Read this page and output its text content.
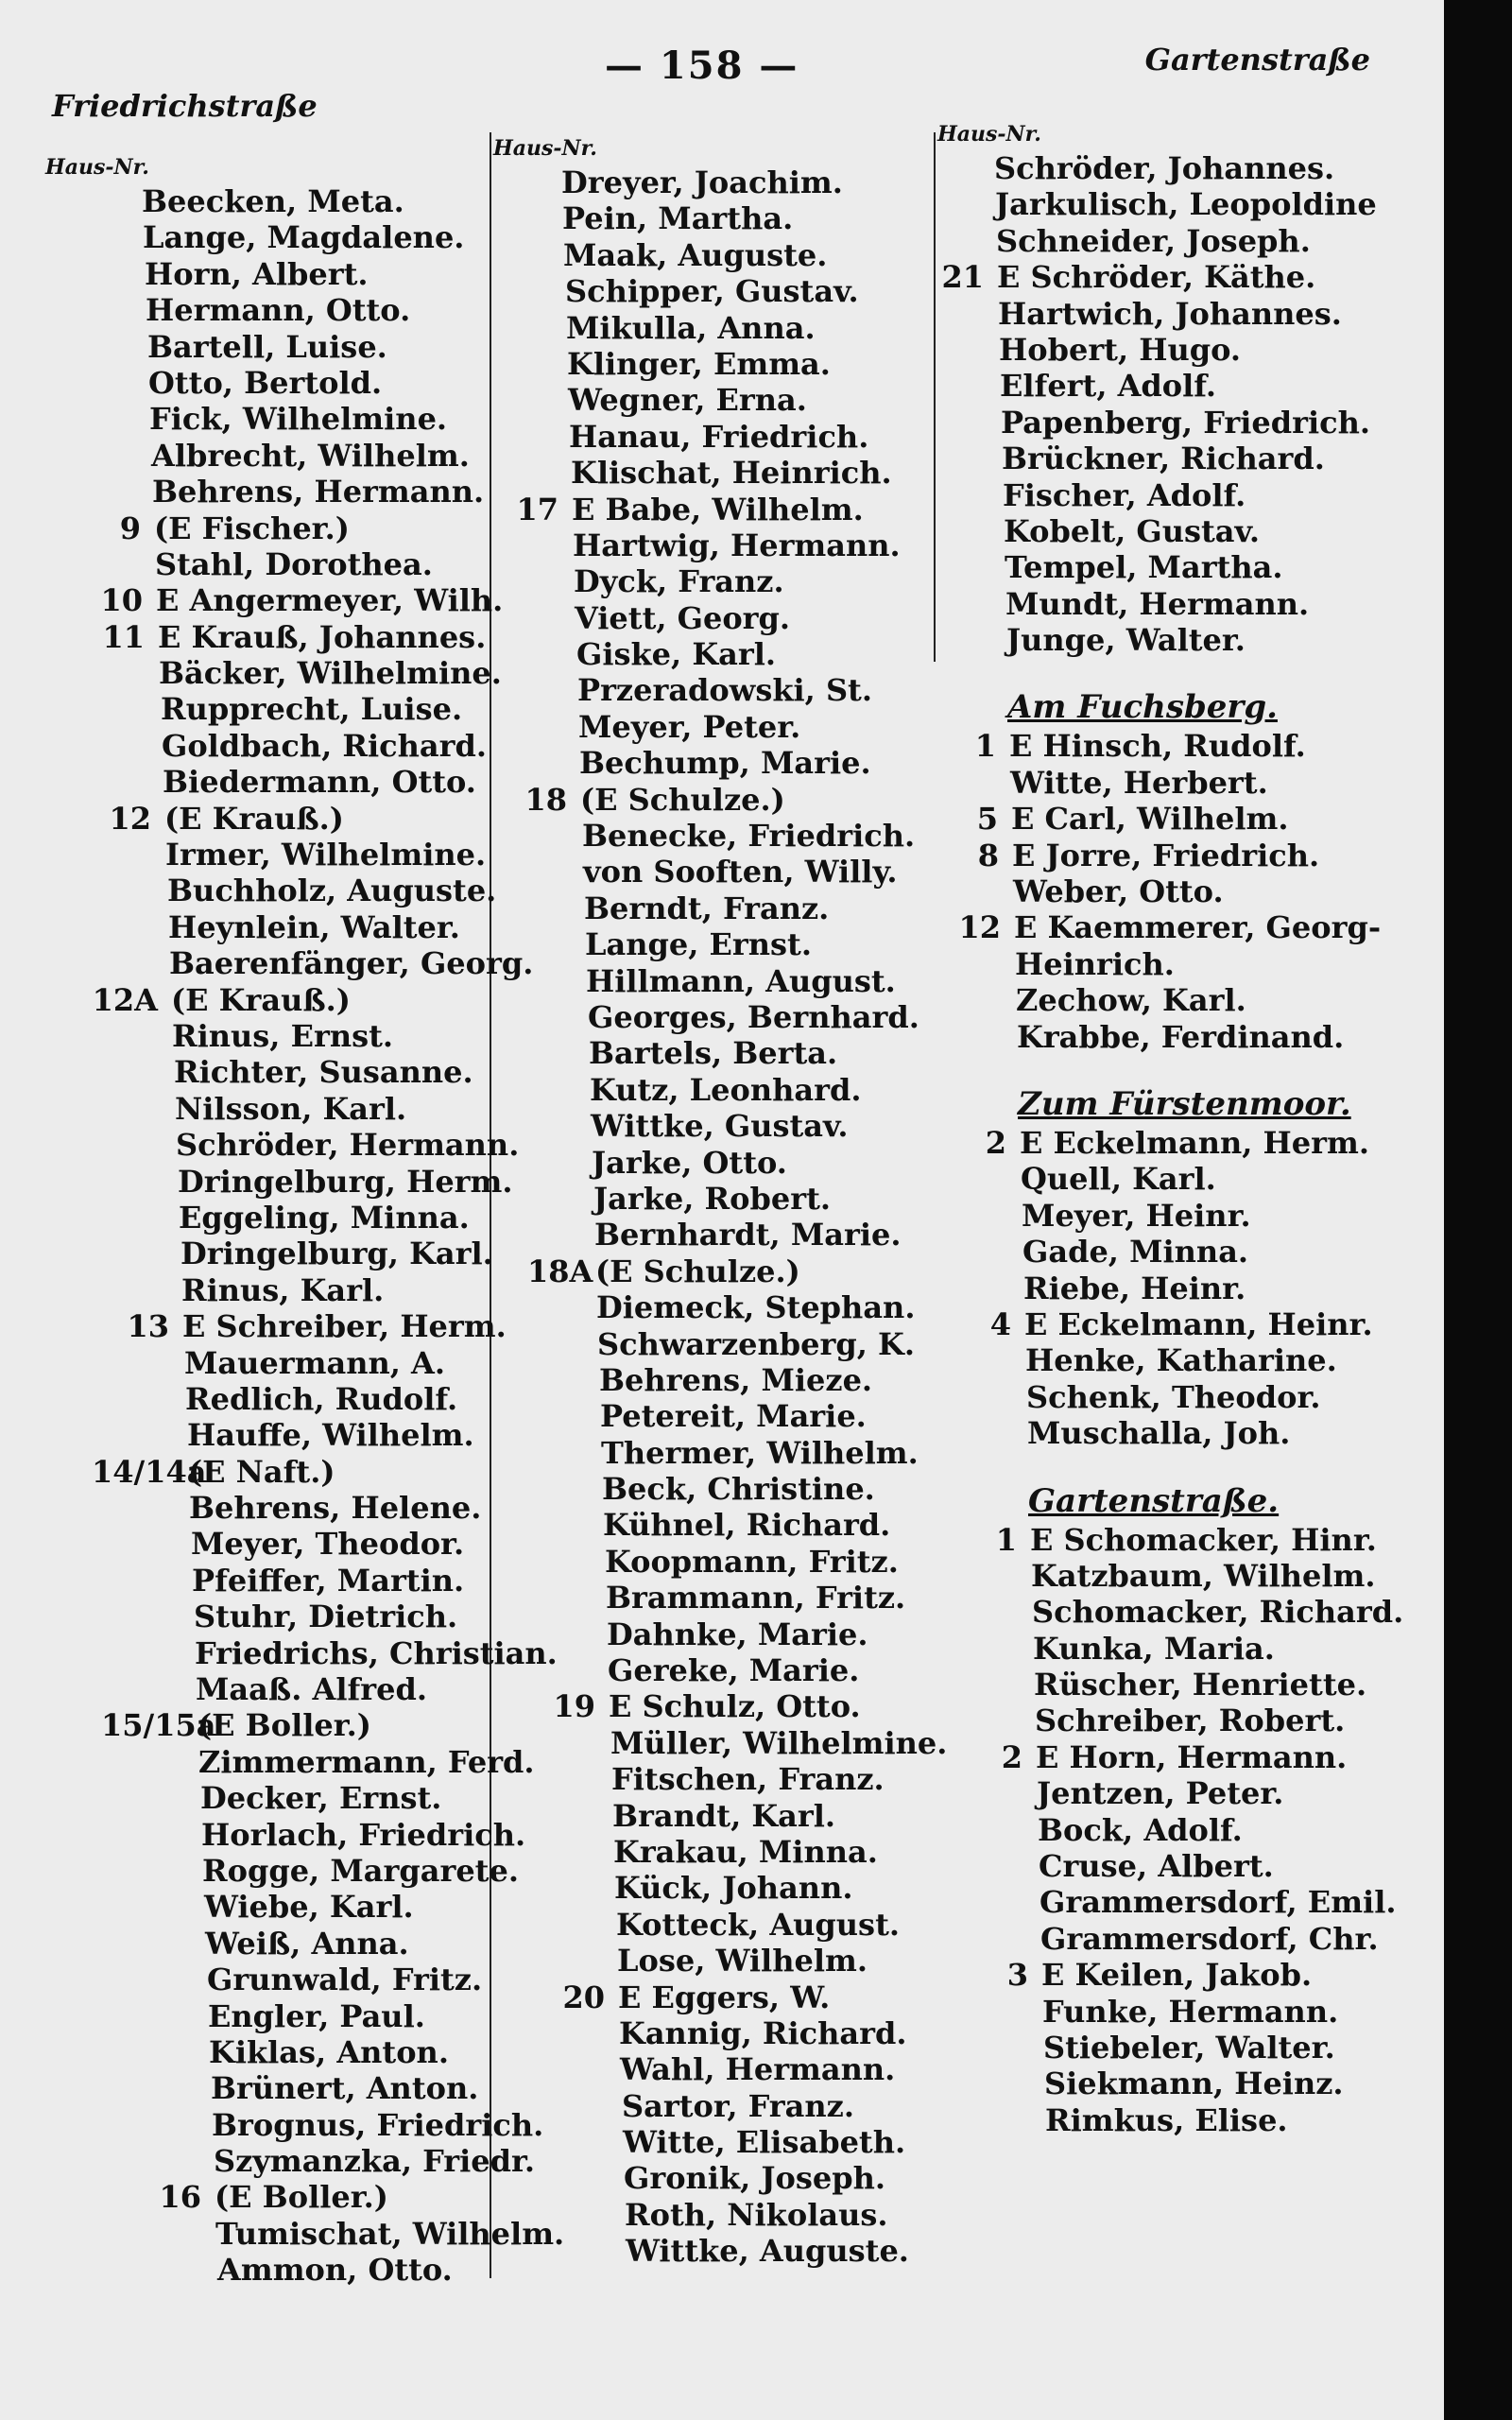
— 158 —	Gartenstraße
Friedrichstraße
Haus-Nr.
Beecken, Meta.
Lange, Magdalene.
Horn, Albert.
Hermann, Otto.
Bartell, Luise.
Otto, Bertold.
Fick, Wilhelmine.
Albrecht, Wilhelm.
Behrens, Hermann.
9 (E Fischer.)
Stahl, Dorothea.
10 E Angermeyer, Wilh.
11 E Krauß, Johannes.
Bäcker, Wilhelmine.
Rupprecht, Luise.
Goldbach, Richard.
Biedermann, Otto.
12 (E Krauß.)
Irmer, Wilhelmine.
Buchholz, Auguste.
Heynlein, Walter.
Baerenfänger, Georg.
12A (E Krauß.)
Rinus, Ernst.
Richter, Susanne.
Nilsson, Karl.
Schröder, Hermann.
Dringelburg, Herm.
Eggeling, Minna.
Dringelburg, Karl.
Rinus, Karl.
13 E Schreiber, Herm.
Mauermann, A.
Redlich, Rudolf.
Hauffe, Wilhelm.
14/14a
(E Naft.)
Behrens, Helene.
Meyer, Theodor.
Pfeiffer, Martin.
Stuhr, Dietrich.
Friedrichs, Christian.
Maaß. Alfred.
15/15a
(E Boller.)
Zimmermann, Ferd.
Decker, Ernst.
Horlach, Friedrich.
Rogge, Margarete.
Wiebe, Karl.
Weiß, Anna.
Grunwald, Fritz.
Engler, Paul.
Kiklas, Anton.
Brünert, Anton.
Brognus, Friedrich.
Szymanzka, Friedr.
16 (E Boller.)
Tumischat, Wilhelm.
Ammon, Otto.
Haus-Nr.
Dreyer, Joachim.
Pein, Martha.
Maak, Auguste.
Schipper, Gustav.
Mikulla, Anna.
Klinger, Emma.
Wegner, Erna.
Hanau, Friedrich.
Klischat, Heinrich.
17 E Babe, Wilhelm.
Hartwig, Hermann.
Dyck, Franz.
Viett, Georg.
Giske, Karl.
Przeradowski, St.
Meyer, Peter.
Bechump, Marie.
18 (E Schulze.)
Benecke, Friedrich.
von Sooften, Willy.
Berndt, Franz.
Lange, Ernst.
Hillmann, August.
Georges, Bernhard.
Bartels, Berta.
Kutz, Leonhard.
Wittke, Gustav.
Jarke, Otto.
Jarke, Robert.
Bernhardt, Marie.
18A (E Schulze.)
Diemeck, Stephan.
Schwarzenberg, K.
Behrens, Mieze.
Petereit, Marie.
Thermer, Wilhelm.
Beck, Christine.
Kühnel, Richard.
Koopmann, Fritz.
Brammann, Fritz.
Dahnke, Marie.
Gereke, Marie.
19 E Schulz, Otto.
Müller, Wilhelmine.
Fitschen, Franz.
Brandt, Karl.
Krakau, Minna.
Kück, Johann.
Kotteck, August.
Lose, Wilhelm.
20 E Eggers, W.
Kannig, Richard.
Wahl, Hermann.
Sartor, Franz.
Witte, Elisabeth.
Gronik, Joseph.
Roth, Nikolaus.
Wittke, Auguste.
Haus-Nr.
Schröder, Johannes.
Jarkulisch, Leopoldine
Schneider, Joseph.
21 E Schröder, Käthe.
Hartwich, Johannes.
Hobert, Hugo.
Elfert, Adolf.
Papenberg, Friedrich.
Brückner, Richard.
Fischer, Adolf.
Kobelt, Gustav.
Tempel, Martha.
Mundt, Hermann.
Junge, Walter.
Am Fuchsberg.
1 E Hinsch, Rudolf.
Witte, Herbert.
5 E Carl, Wilhelm.
8 E Jorre, Friedrich.
Weber, Otto.
12 E Kaemmerer, Georg-
Heinrich.
Zechow, Karl.
Krabbe, Ferdinand.
Zum Fürstenmoor.
2 E Eckelmann, Herm.
Quell, Karl.
Meyer, Heinr.
Gade, Minna.
Riebe, Heinr.
4 E Eckelmann, Heinr.
Henke, Katharine.
Schenk, Theodor.
Muschalla, Joh.
Gartenstraße.
1 E Schomacker, Hinr.
Katzbaum, Wilhelm.
Schomacker, Richard.
Kunka, Maria.
Rüscher, Henriette.
Schreiber, Robert.
2 E Horn, Hermann.
Jentzen, Peter.
Bock, Adolf.
Cruse, Albert.
Grammersdorf, Emil.
Grammersdorf, Chr.
3 E Keilen, Jakob.
Funke, Hermann.
Stiebeler, Walter.
Siekmann, Heinz.
Rimkus, Elise.
